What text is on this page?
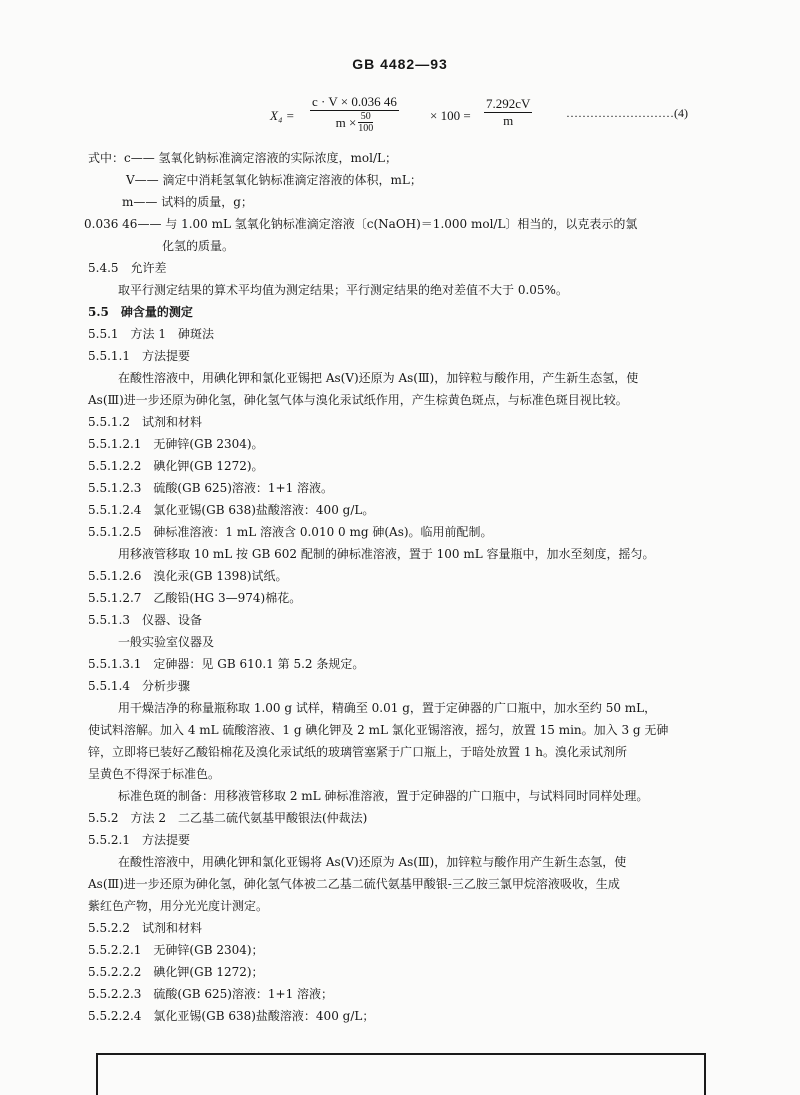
GB 4482—93
X₄ =
c · V × 0.036 46
m × 50
100
× 100 =
7.292cV
m	………………………(4)
式中：c—— 氢氧化钠标准滴定溶液的实际浓度，mol/L；
V—— 滴定中消耗氢氧化钠标准滴定溶液的体积，mL；
m—— 试料的质量，g；
0.036 46—— 与 1.00 mL 氢氧化钠标准滴定溶液〔c(NaOH)＝1.000 mol/L〕相当的，以克表示的氯
化氢的质量。
5.4.5　允许差
取平行测定结果的算术平均值为测定结果；平行测定结果的绝对差值不大于 0.05%。
5.5　砷含量的测定
5.5.1　方法 1　砷斑法
5.5.1.1　方法提要
在酸性溶液中，用碘化钾和氯化亚锡把 As(Ⅴ)还原为 As(Ⅲ)，加锌粒与酸作用，产生新生态氢，使
As(Ⅲ)进一步还原为砷化氢，砷化氢气体与溴化汞试纸作用，产生棕黄色斑点，与标准色斑目视比较。
5.5.1.2　试剂和材料
5.5.1.2.1　无砷锌(GB 2304)。
5.5.1.2.2　碘化钾(GB 1272)。
5.5.1.2.3　硫酸(GB 625)溶液：1+1 溶液。
5.5.1.2.4　氯化亚锡(GB 638)盐酸溶液：400 g/L。
5.5.1.2.5　砷标准溶液：1 mL 溶液含 0.010 0 mg 砷(As)。临用前配制。
用移液管移取 10 mL 按 GB 602 配制的砷标准溶液，置于 100 mL 容量瓶中，加水至刻度，摇匀。
5.5.1.2.6　溴化汞(GB 1398)试纸。
5.5.1.2.7　乙酸铅(HG 3—974)棉花。
5.5.1.3　仪器、设备
一般实验室仪器及
5.5.1.3.1　定砷器：见 GB 610.1 第 5.2 条规定。
5.5.1.4　分析步骤
用干燥洁净的称量瓶称取 1.00 g 试样，精确至 0.01 g，置于定砷器的广口瓶中，加水至约 50 mL，
使试料溶解。加入 4 mL 硫酸溶液、1 g 碘化钾及 2 mL 氯化亚锡溶液，摇匀，放置 15 min。加入 3 g 无砷
锌，立即将已装好乙酸铅棉花及溴化汞试纸的玻璃管塞紧于广口瓶上，于暗处放置 1 h。溴化汞试剂所
呈黄色不得深于标准色。
标准色斑的制备：用移液管移取 2 mL 砷标准溶液，置于定砷器的广口瓶中，与试料同时同样处理。
5.5.2　方法 2　二乙基二硫代氨基甲酸银法(仲裁法)
5.5.2.1　方法提要
在酸性溶液中，用碘化钾和氯化亚锡将 As(Ⅴ)还原为 As(Ⅲ)，加锌粒与酸作用产生新生态氢，使
As(Ⅲ)进一步还原为砷化氢，砷化氢气体被二乙基二硫代氨基甲酸银-三乙胺三氯甲烷溶液吸收，生成
紫红色产物，用分光光度计测定。
5.5.2.2　试剂和材料
5.5.2.2.1　无砷锌(GB 2304)；
5.5.2.2.2　碘化钾(GB 1272)；
5.5.2.2.3　硫酸(GB 625)溶液：1+1 溶液；
5.5.2.2.4　氯化亚锡(GB 638)盐酸溶液：400 g/L；
